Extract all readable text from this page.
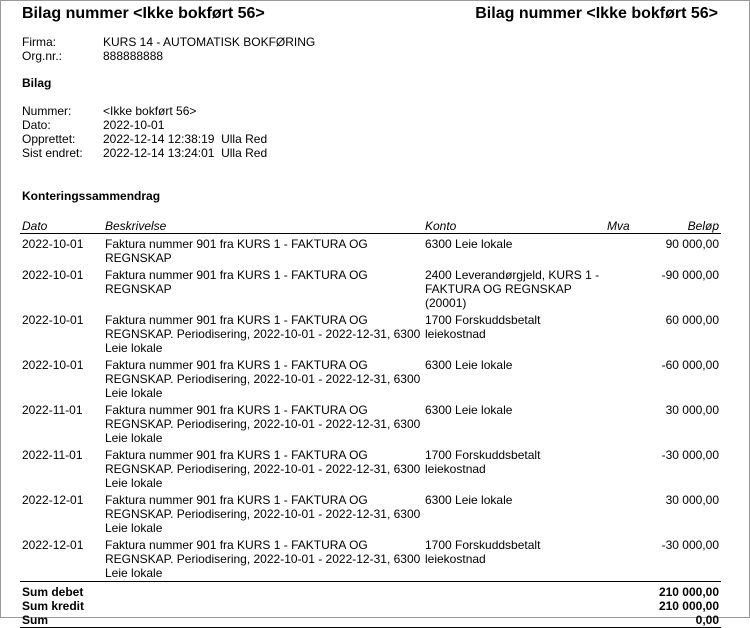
Bilag nummer <Ikke bokført 56>	Bilag nummer <Ikke bokført 56>
Firma:	KURS 14 - AUTOMATISK BOKFØRING
Org.nr.:	888888888
Bilag
Nummer:	<Ikke bokført 56>
Dato:	2022-10-01
Opprettet:	2022-12-14 12:38:19  Ulla Red
Sist endret:	2022-12-14 13:24:01  Ulla Red
Konteringssammendrag
Dato	Beskrivelse	Konto	Mva	Beløp
2022-10-01	Faktura nummer 901 fra KURS 1 - FAKTURA OG REGNSKAP	6300 Leie lokale		90 000,00
2022-10-01	Faktura nummer 901 fra KURS 1 - FAKTURA OG REGNSKAP	2400 Leverandørgjeld, KURS 1 - FAKTURA OG REGNSKAP (20001)		-90 000,00
2022-10-01	Faktura nummer 901 fra KURS 1 - FAKTURA OG REGNSKAP. Periodisering, 2022-10-01 - 2022-12-31, 6300 Leie lokale	1700 Forskuddsbetalt leiekostnad		60 000,00
2022-10-01	Faktura nummer 901 fra KURS 1 - FAKTURA OG REGNSKAP. Periodisering, 2022-10-01 - 2022-12-31, 6300 Leie lokale	6300 Leie lokale		-60 000,00
2022-11-01	Faktura nummer 901 fra KURS 1 - FAKTURA OG REGNSKAP. Periodisering, 2022-10-01 - 2022-12-31, 6300 Leie lokale	6300 Leie lokale		30 000,00
2022-11-01	Faktura nummer 901 fra KURS 1 - FAKTURA OG REGNSKAP. Periodisering, 2022-10-01 - 2022-12-31, 6300 Leie lokale	1700 Forskuddsbetalt leiekostnad		-30 000,00
2022-12-01	Faktura nummer 901 fra KURS 1 - FAKTURA OG REGNSKAP. Periodisering, 2022-10-01 - 2022-12-31, 6300 Leie lokale	6300 Leie lokale		30 000,00
2022-12-01	Faktura nummer 901 fra KURS 1 - FAKTURA OG REGNSKAP. Periodisering, 2022-10-01 - 2022-12-31, 6300 Leie lokale	1700 Forskuddsbetalt leiekostnad		-30 000,00
Sum debet				210 000,00
Sum kredit				210 000,00
Sum				0,00
